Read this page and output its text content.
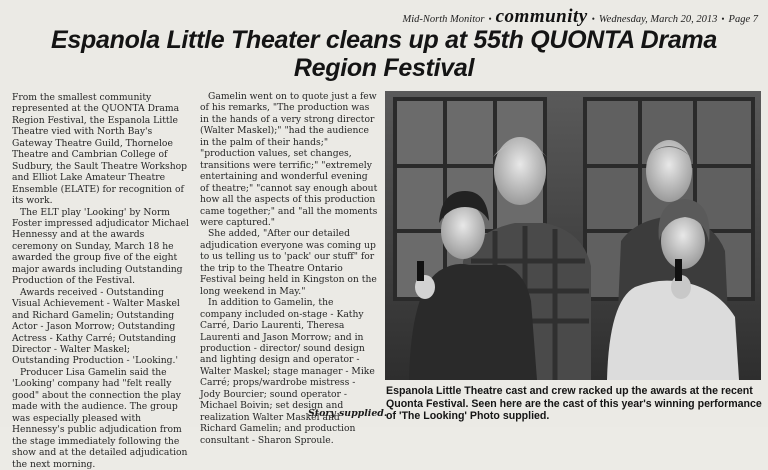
Mid-North Monitor • community • Wednesday, March 20, 2013 • Page 7
Espanola Little Theater cleans up at 55th QUONTA Drama Region Festival

From the smallest community represented at the QUONTA Drama Region Festival, the Espanola Little Theatre vied with North Bay's Gateway Theatre Guild, Thorneloe Theatre and Cambrian College of Sudbury, the Sault Theatre Workshop and Elliot Lake Amateur Theatre Ensemble (ELATE) for recognition of its work.

The ELT play 'Looking' by Norm Foster impressed adjudicator Michael Hennessy and at the awards ceremony on Sunday, March 18 he awarded the group five of the eight major awards including Outstanding Production of the Festival.

Awards received - Outstanding Visual Achievement - Walter Maskel and Richard Gamelin; Outstanding Actor - Jason Morrow; Outstanding Actress - Kathy Carré; Outstanding Director - Walter Maskel; Outstanding Production - 'Looking.'

Producer Lisa Gamelin said the 'Looking' company had "felt really good" about the connection the play made with the audience. The group was especially pleased with Hennessy's public adjudication from the stage immediately following the show and at the detailed adjudication the next morning.

Gamelin went on to quote just a few of his remarks, "The production was in the hands of a very strong director (Walter Maskel);" "had the audience in the palm of their hands;" "production values, set changes, transitions were terrific;" "extremely entertaining and wonderful evening of theatre;" "cannot say enough about how all the aspects of this production came together;" and "all the moments were captured."

She added, "After our detailed adjudication everyone was coming up to us telling us to 'pack' our stuff" for the trip to the Theatre Ontario Festival being held in Kingston on the long weekend in May."

In addition to Gamelin, the company included on-stage - Kathy Carré, Dario Laurenti, Theresa Laurenti and Jason Morrow; and in production - director/ sound design and lighting design and operator - Walter Maskel; stage manager - Mike Carré; props/wardrobe mistress - Jody Bourcier; sound operator - Michael Boivin; set design and realization Walter Maskel and Richard Gamelin; and production consultant - Sharon Sproule.

Story supplied.
Espanola Little Theatre cast and crew racked up the awards at the recent Quonta Festival. Seen here are the cast of this year's winning performance of 'The Looking' Photo supplied.
